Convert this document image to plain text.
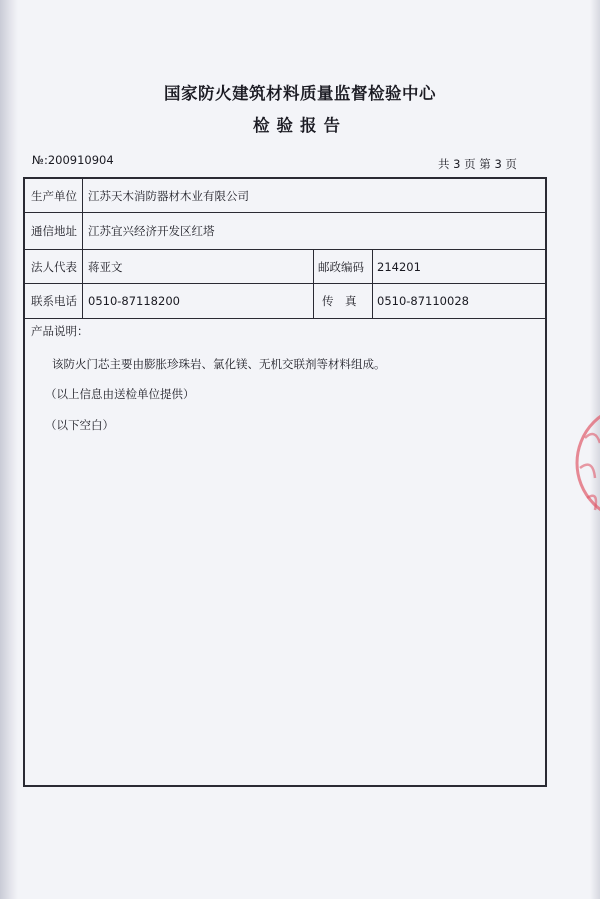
国家防火建筑材料质量监督检验中心
检验报告
№:200910904	共 3 页 第 3 页
生产单位 江苏天木消防器材木业有限公司
通信地址 江苏宜兴经济开发区红塔
法人代表 蒋亚文	邮政编码 214201
联系电话 0510-87118200	传　真 0510-87110028
产品说明：
该防火门芯主要由膨胀珍珠岩、氯化镁、无机交联剂等材料组成。
（以上信息由送检单位提供）
（以下空白）
